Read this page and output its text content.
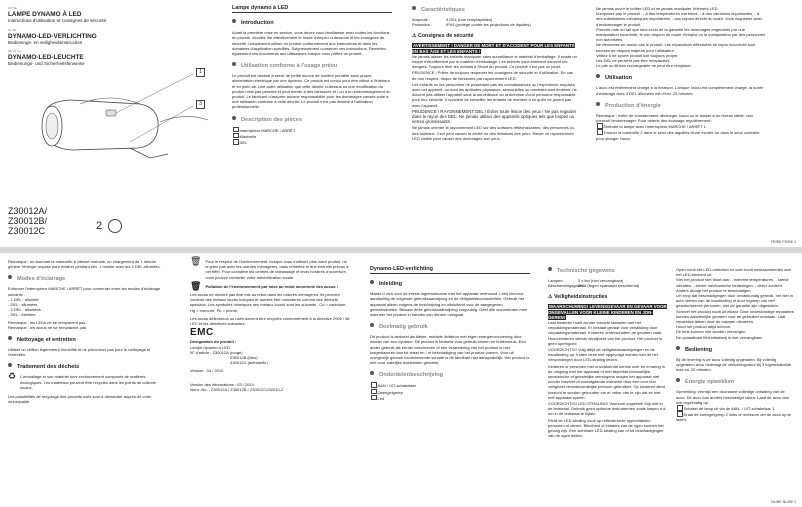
FR BE
LAMPE DYNAMO À LED
Instructions d'utilisation et consignes de sécurité
NL BE
DYNAMO-LED-VERLICHTING
Bedienings- en veiligheidsinstructies
DE AT CH
DYNAMO-LED-LEUCHTE
Bedienungs- und Sicherheitshinweise
1
3
Z30012A/
Z30012B/
Z30012C	2
Lampe dynamo à LED
Introduction
Avant la première mise en service, vous devez vous familiariser avec toutes les fonctions du produit. Veuillez lire attentivement le mode d'emploi ci-dessous et les consignes de sécurité. Uniquement utiliser un produit conformément aux instructions et dans les domaines d'application spécifiés. Soigneusement conserver ces instructions. Remettez également ces documents aux utilisateurs lorsque vous prêtez ce produit.
Utilisation conforme à l'usage prévu
Le produit est destiné à servir de petite source de lumière portable sans propre alimentation électrique par une dynamo. Ce produit est conçu pour être utilisé à l'intérieur et en plein air. Une autre utilisation que celle décrite ci-dessus ou une modification du produit n'est pas permise et peut mener à des blessures et / ou à un endommagement du produit. Le fabricant n'assume aucune responsabilité pour les dommages causés suite à une utilisation contraire à celle décrite. Le produit n'est pas destiné à l'utilisation professionnelle.
Description des pièces
Interrupteur MARCHE / ARRÊT
Manivelle
DEL
Caractéristiques
Ampoule :	3 DEL (non remplaçables)
Protection :	IP44 (protégé contre les projections de liquides)
⚠ Consignes de sécurité
AVERTISSEMENT ! DANGER DE MORT ET D'ACCIDENT POUR LES ENFANTS EN BAS ÂGE ET LES ENFANTS !
Ne jamais laisser les enfants manipuler sans surveillance le matériel d'emballage. Il existe un risque d'étouffement par le matériel d'emballage. Les enfants sous-estiment souvent les dangers. Toujours tenir les enfants à l'écart du produit. Ce produit n'est pas un jouet.
PRUDENCE ! Prière de toujours respecter les consignes de sécurité et d'utilisation. En cas de non respect, risque de blessures par rayonnement LED.
Les enfants ou les personnes ne possédant pas les connaissances ou l'expérience requises avec cet appareil, ou dont les aptitudes physiques, sensorielles ou mentales sont limitées, ne doivent pas utiliser l'appareil sans la surveillance ou la direction d'une personne responsable pour leur sécurité. Il convient de surveiller les enfants de manière à ce qu'ils ne jouent pas avec l'appareil.
PRUDENCE ! RAYONNEMENT DEL ! Éviter toute lésion des yeux ! Ne pas regarder dans le rayon des DEL. Ne jamais utiliser des appareils optiques tels que loupes ou verres grossissants.
Ne jamais orienter le rayonnement LED sur des surfaces réfléchissantes, des personnes ou des animaux. Ceci peut causer la cécité ou des irritations des yeux. Mener ce rayonnement LED visible peut causer des dommages aux yeux.
Ne jamais ouvrir le boîtier LED et ne jamais manipuler l'élément LED.
N'exposez pas le produit : - à des températures extrêmes, - à des vibrations importantes, - à des sollicitations mécaniques importantes, - aux rayons directs du soleil. Vous risqueriez ainsi d'endommager le produit.
Prendre note du fait que seul exclu de la garantie les dommages engendrés par une manipulation incorrecte, le non respect du mode d'emploi ou la manipulation par des personnes non autorisées.
Ne démontez en aucun cas le produit. Les réparations effectuées de façon incorrecte sont sources de risques majeurs pour l'utilisateur.
Veillez à ne sporte produit soit toujours propre.
Les DEL ne peuvent pas être remplacées.
Le pile ou lithium rechargeable ne peut être remplacé.
Utilisation
L'accu est entièrement chargé à la livraison. Lorsque l'accu est complètement chargé, la durée d'éclairage avec 3 DEL allumées est d'env. 25 minutes.
Production d'énergie
Remarque : éviter de constamment décharger l'accu ou le laisser à un niveau faible, ceci pourrait l'endommager. Pour obtenir des éclairage régulièrement :
Éteindre la lampe avec l'interrupteur MARCHE / ARRÊT 1.
Tourner la manivelle 2 dans le sens des aiguilles d'une montre ou dans le sens contraire pour charger l'accu.
FR/BE FR/BE 1
Remarque : en tournant la manivelle à vitesse normale, un chargement de 1 minute génère l'énergie requise pour éclairer pendant env. 1 minute avec les 3 DEL allumées.
Modes d'éclairage
Enfoncer l'interrupteur MARCHE / ARRÊT pour commuter entre les modes d'éclairage suivants :
- 1 DEL : allumée
- DEL : allumées
- 3 DEL : allumées
- DEL : éteintes
Remarque : les LEDs ne se remplacent pas.
Remarque : les accus ne se remplacent pas.
Nettoyage et entretien
Utiliser un chiffon légèrement humidifié et ne pelucheux pas pour le nettoyage et l'entretien.
Traitement des déchets
♻ L'emballage et son matériel sont exclusivement composés de matières écologiques. Les matériaux peuvent être recyclés dans les points de collecte locaux.
Les possibilités de recyclage des produits usés sont à demander auprès de votre municipalité.
🗑 Pour le respect de l'environnement, lorsque vous n'utilisez plus votre produit, ne le jetez pas avec les ordures ménagères, mais remettez-le aux endroits prévus à cet effet. Pour connaître les centres de ramassage et leurs horaires d'ouverture, vous pouvez contacter votre administration locale.
🗑 Pollution de l'environnement par mise au rebut incorrecte des accus !
Les accus ne doivent pas être mis au rebut dans les ordures ménagères. Ils peuvent contenir des métaux lourds toxiques et doivent être considérés comme des déchets spéciaux. Les symboles chimiques des métaux lourds sont les suivants : Cd = cadmium, Hg = mercure, Pb = plomb.
Les accus défectueux ou usés doivent être recyclés conformément à la directive 2006 / 66 / EC et les directives suivantes.
EMC
Désignation du produit :
Lampe dynamo à LED
N° d'article : Z30012A (rouge)
Z30012B (bleu)
Z30012C (anthracite)
Version : 04 / 2010
Version des informations : 03 / 2010
Ident.-No. : Z30012A / Z30012B / Z30012C032010-2
Dynamo-LED-verlichting
Inleiding
Maakt U zich voor de eerste ingebruikname met het apparaat vertrouwd. Lees hiervoor aandachtig de volgende gebruiksaanwijzing en de veiligheidsvoorschriften. Gebruik het apparaat alleen volgens de beschrijving en uitsluitend voor de aangegeven gebruiksdoelen. Bewaar deze gebruiksaanwijzing zorgvuldig. Geef alle documenten mee wanneer het product in handen van derden overgaat.
Doelmatig gebruik
Dit product is bedoeld als kleine, mobiele lichtbron met eigen energievoorziening door middel van een dynamo. Dit product is bedoeld voor gebruik binnen en buitenshuis. Een ander gebruik als eerder beschreven of een verandering van het product is niet toegestaan en kan tot letsel en / of beschadiging van het product voeren. Voor uit oneigenlijk gebruik voortvloeiende schade is de fabrikant niet aansprakelijk. Het product is niet voor zakelijke doeleinden geschikt.
Onderdelenbeschrijving
AAN / UIT-schakelaar
Zwengelgreep
Led
Technische gegevens
Lampen:	3 x led (niet vervangbaar)
Beschermingsgraad:IP44 (tegen spatwater beschermd)
⚠ Veiligheidsinstructies
WAARSCHUWING! LEVENSGEVAAR EN GEVAAR VOOR ONGEVALLEN VOOR KLEINE KINDEREN EN JON-GEREN!
Laat kinderen nooit zonder toezicht lastanen met het verpakkingsmateriaal. Er bestaat gevaar voor verstikking door verpakkingsmateriaal. Kinderen onderschatten de gevaren vaak. Houd kinderen steeds verwijderd van het product. Het product is geen speelgoed.
VOORZICHTIG! Volg altijd de veiligheidsaanwijzingen en de handleiding op. Indien deze niet opgevolgd worden kan dit het verwondingen door LED-straling leiden.
Kinderen of personen met onvoldoende kennis over en ervaring in de omgang met het apparaat of met beperkte lichamelijke, sensorische of geestelijke vermogens mogen het apparaat niet zonder toezicht of voorafgaande instructie door een voor hun veiligheid verantwoordelijke persoon gebruiken. Op kinderen dient toezicht te worden gehouden om er zeker van te zijn dat ze niet met apparaat spelen.
VOORZICHTIG! LED-STRALING! Voorkom oogletsel! Kijk niet in de ledstraal. Gebruik geen optische instrumenten zoals loepen e.d. om in de ledstraal te kijken.
Richt de LED-straling nooit op reflecterende oppervlakken, personen of dieren. Blindheid of irritaties van de ogen kunnen het gevolg zijn. Een zichtbare LED-straling kan of tot beschadigingen van de ogen leiden.
Open nooit het LED-omhulsel en voer nooit werkzaamheden aan het LED-element uit.
Stel het product niet bloot aan: - extreme temperaturen, - sterke vibraties, - sterke mechanische belastingen, - direct zonlicht. Anders droogt het product te beschadigen.
Let erop dat beschadigingen door onvakkundig gebruik, het niet in acht nemen van de handleiding of door ingreep van niet geautoriseerde personen, niet de garantie zijn uitgesloten.
Schroef het product nooit uit elkaar. Door ondeskundige reparaties kunnen aanzienlijke gevaren voor de gebruiker ontstaan. Laat reparaties alleen door de vakman uitvoeren.
Houd het product altijd schoon.
De leds kunnen niet worden vervangen.
De oplaadbare lithiumbatterij is niet vervangbaar.
Bediening
Bij de levering is de accu volledig opgeladen. Bij volledig opgeladen accu bedraagt de verlichtingsduur bij 3 ingeschakelde leds ca. 20 minuten.
Energie opwekken
Opmerking: vermijd een duurzame volledige ontlading van de accu. De accu kan anders beschadigd raken. Laad de accu dan ook regelmatig op.
Schakel de lamp uit via de AAN- / UIT-schakelaar 1.
Draai de zwengelgreep 2 links of rechtsom om de accu op te laden.
NL/BE NL/BE 1
